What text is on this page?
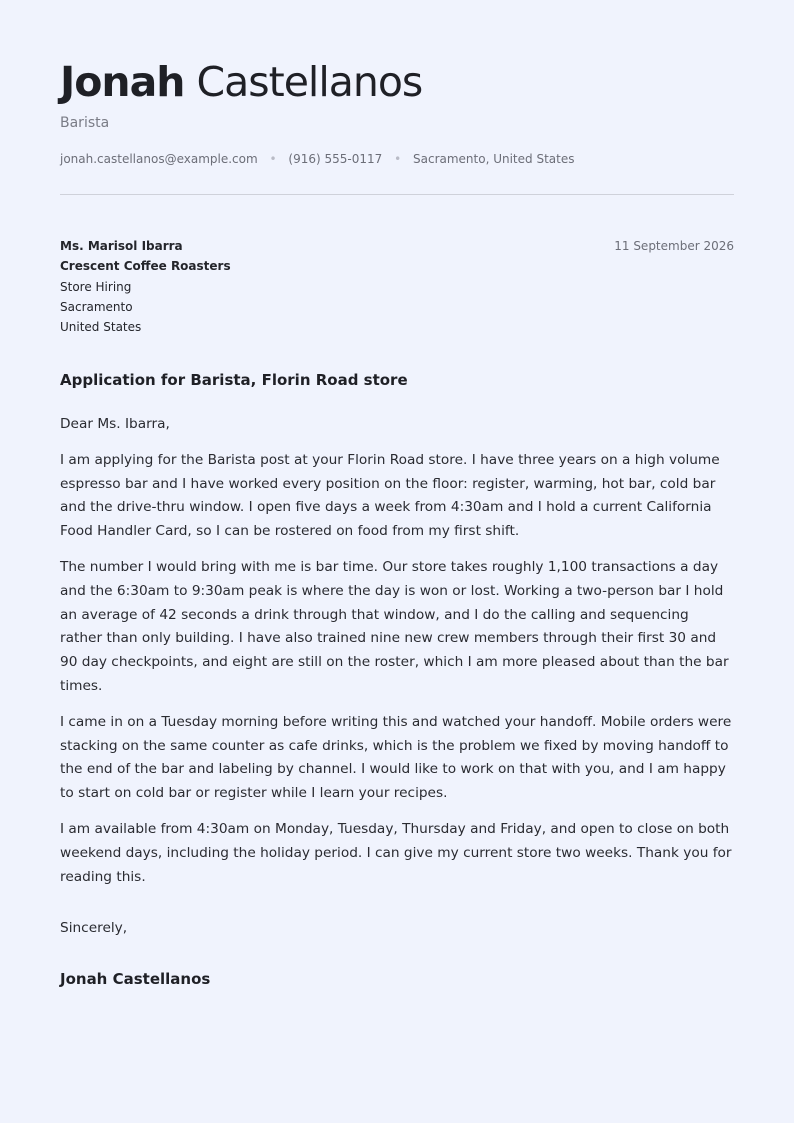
Jonah Castellanos
Barista
jonah.castellanos@example.com • (916) 555-0117 • Sacramento, United States
Ms. Marisol Ibarra
Crescent Coffee Roasters
Store Hiring
Sacramento
United States
11 September 2026
Application for Barista, Florin Road store

Dear Ms. Ibarra,

I am applying for the Barista post at your Florin Road store. I have three years on a high volume espresso bar and I have worked every position on the floor: register, warming, hot bar, cold bar and the drive-thru window. I open five days a week from 4:30am and I hold a current California Food Handler Card, so I can be rostered on food from my first shift.

The number I would bring with me is bar time. Our store takes roughly 1,100 transactions a day and the 6:30am to 9:30am peak is where the day is won or lost. Working a two-person bar I hold an average of 42 seconds a drink through that window, and I do the calling and sequencing rather than only building. I have also trained nine new crew members through their first 30 and 90 day checkpoints, and eight are still on the roster, which I am more pleased about than the bar times.

I came in on a Tuesday morning before writing this and watched your handoff. Mobile orders were stacking on the same counter as cafe drinks, which is the problem we fixed by moving handoff to the end of the bar and labeling by channel. I would like to work on that with you, and I am happy to start on cold bar or register while I learn your recipes.

I am available from 4:30am on Monday, Tuesday, Thursday and Friday, and open to close on both weekend days, including the holiday period. I can give my current store two weeks. Thank you for reading this.

Sincerely,
Jonah Castellanos
